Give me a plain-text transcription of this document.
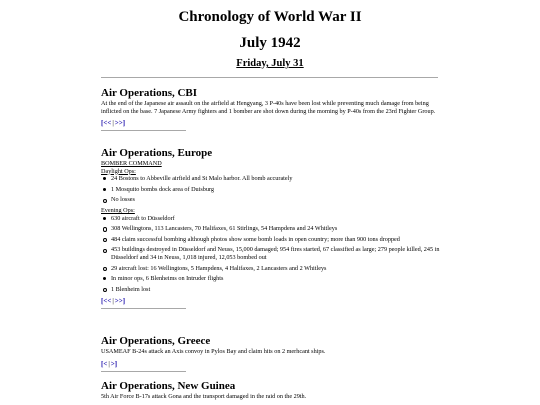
Chronology of World War II
July 1942
Friday, July 31

Air Operations, CBI

At the end of the Japanese air assault on the airfield at Hengyang, 3 P-40s have been lost while preventing much damage from being inflicted on the base. 7 Japanese Army fighters and 1 bomber are shot down during the morning by P-40s from the 23rd Fighter Group.

[<<|>>]

Air Operations, Europe

BOMBER COMMAND

Daylight Ops:

24 Bostons to Abbeville airfield and St Malo harbor. All bomb accurately

1 Mosquito bombs dock area of Duisburg

No losses

Evening Ops:

630 aircraft to Düsseldorf

308 Wellingtons, 113 Lancasters, 70 Halifaxes, 61 Stirlings, 54 Hampdens and 24 Whitleys

484 claim successful bombing although photos show some bomb loads in open country; more than 900 tons dropped

453 buildings destroyed in Düsseldorf and Neuss, 15,000 damaged; 954 fires started, 67 classified as large; 279 people killed, 245 in Düsseldorf and 34 in Neuss, 1,018 injured, 12,053 bombed out

29 aircraft lost: 16 Wellingtons, 5 Hampdens, 4 Halifaxes, 2 Lancasters and 2 Whitleys

In minor ops, 6 Blenheims on Intruder flights

1 Blenheim lost

[<<|>>]

Air Operations, Greece

USAMEAF B-24s attack an Axis convoy in Pylos Bay and claim hits on 2 merhcant ships.

[<|>]

Air Operations, New Guinea

5th Air Force B-17s attack Gona and the transport damaged in the raid on the 29th.
